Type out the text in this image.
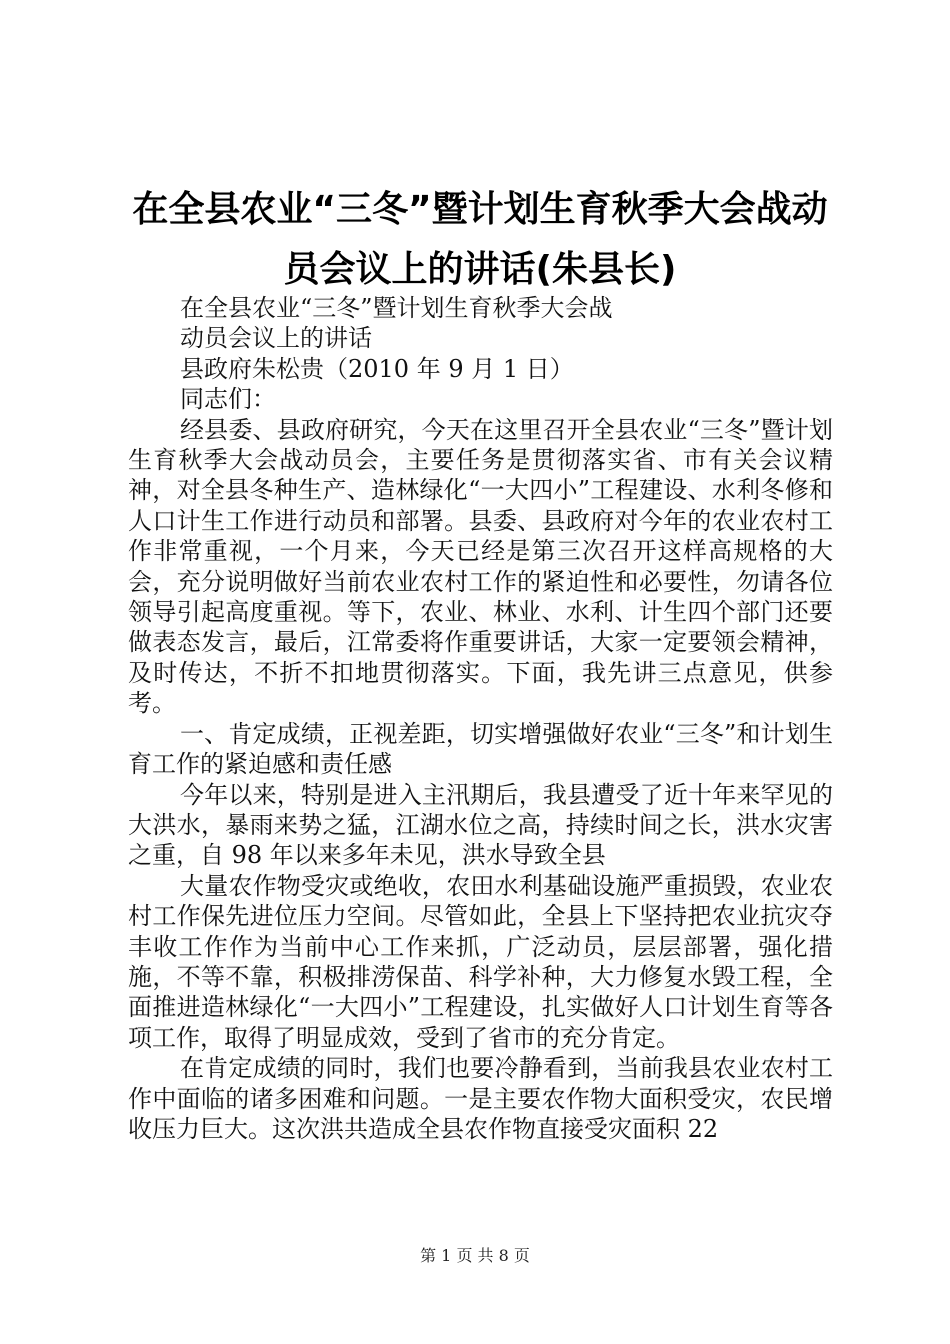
在全县农业“三冬”暨计划生育秋季大会战动
员会议上的讲话(朱县长)

在全县农业“三冬”暨计划生育秋季大会战

动员会议上的讲话

县政府朱松贵（2010 年 9 月 1 日）

同志们：

经县委、县政府研究，今天在这里召开全县农业“三冬”暨计划生育秋季大会战动员会，主要任务是贯彻落实省、市有关会议精神，对全县冬种生产、造林绿化“一大四小”工程建设、水利冬修和人口计生工作进行动员和部署。县委、县政府对今年的农业农村工作非常重视，一个月来，今天已经是第三次召开这样高规格的大会，充分说明做好当前农业农村工作的紧迫性和必要性，勿请各位领导引起高度重视。等下，农业、林业、水利、计生四个部门还要做表态发言，最后，江常委将作重要讲话，大家一定要领会精神，及时传达，不折不扣地贯彻落实。下面，我先讲三点意见，供参考。

一、肯定成绩，正视差距，切实增强做好农业“三冬”和计划生育工作的紧迫感和责任感

今年以来，特别是进入主汛期后，我县遭受了近十年来罕见的大洪水，暴雨来势之猛，江湖水位之高，持续时间之长，洪水灾害之重，自 98 年以来多年未见，洪水导致全县

大量农作物受灾或绝收，农田水利基础设施严重损毁，农业农村工作保先进位压力空间。尽管如此，全县上下坚持把农业抗灾夺丰收工作作为当前中心工作来抓，广泛动员，层层部署，强化措施，不等不靠，积极排涝保苗、科学补种，大力修复水毁工程，全面推进造林绿化“一大四小”工程建设，扎实做好人口计划生育等各项工作，取得了明显成效，受到了省市的充分肯定。

在肯定成绩的同时，我们也要冷静看到，当前我县农业农村工作中面临的诸多困难和问题。一是主要农作物大面积受灾，农民增收压力巨大。这次洪共造成全县农作物直接受灾面积 22

第 1 页 共 8 页
